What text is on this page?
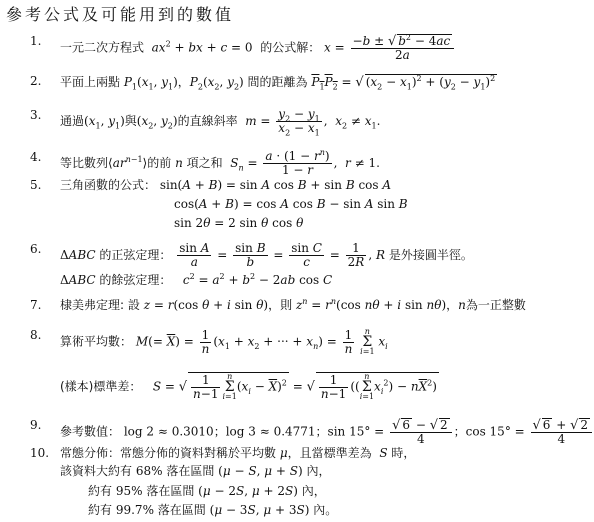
參考公式及可能用到的數值
1.	一元二次方程式 $ax^2$ + bx + c = 0  的公式解： $x = \frac{-b \pm √ b^2 - 4ac}{2a}$
2.	平面上兩點 $P_1(x_1$, $y_1$)，$P_2(x_2$, $y_2$) 間的距離為 $P_1P_2$ = √ $(x_2 - x_1)^2 + (y_2 - y_1)^2$
3.	通過($x_1$, $y_1$)與($x_2$, $y_2$)的直線斜率 $m = \frac{y_2 - y_1}{x_2 - x_1}$ ,  $x_2 \ne x_1$.
4.	等比數列$⟨ar^{n-1}⟩$的前 n 項之和 $S_n = \frac{a \cdot (1 - r^n)}{1 - r}$ ,  r ≠ 1.
5.	三角函數的公式： sin(A + B) = sin A cos B + sin B cos A
cos(A + B) = cos A cos B − sin A sin B
sin 2θ = 2 sin θ cos θ
6.	ΔABC 的正弦定理： $\frac{\text{sin A}}{a} = \frac{\text{sin B}}{b} = \frac{\text{sin C}}{c} = \frac{1}{2R}$ , R 是外接圓半徑。
ΔABC 的餘弦定理： $c^2 = a^2 + b^2 - 2ab$ cos C
7.	棣美弗定理: 設 z = r(cos θ + i sin θ)，則 $z^n = r^n(\cos$ nθ + i sin nθ)，n為一正整數
8.	算術平均數： $M(= \overline{X}) = \frac{1}{n} (x_1 + x_2$ + ··· + $x_n) = \frac{1}{n}$ n
Σ
i=1 $x_i$
(樣本)標準差： S = √ $\frac{1}{n-1}$ n
Σ
$i=1(x_i - \overline{X})^2$ = √ $\frac{1}{n-1} ((n$
Σ
$i=1x_i^2) - n\overline{X}^2$)
9.	參考數值： log 2 ≈ 0.3010；log 3 ≈ 0.4771；$\sin 15^\circ = \frac{√ 6 - √ 2}{4}$ ；$\cos 15^\circ = \frac{√ 6 + √ 2}{4}$
10. 常態分佈：常態分佈的資料對稱於平均數 μ，且當標準差為 S 時，
該資料大約有 68% 落在區間 (μ − S, μ + S) 內，
約有 95% 落在區間 (μ − 2S, μ + 2S) 內，
約有 99.7% 落在區間 (μ − 3S, μ + 3S) 內。
